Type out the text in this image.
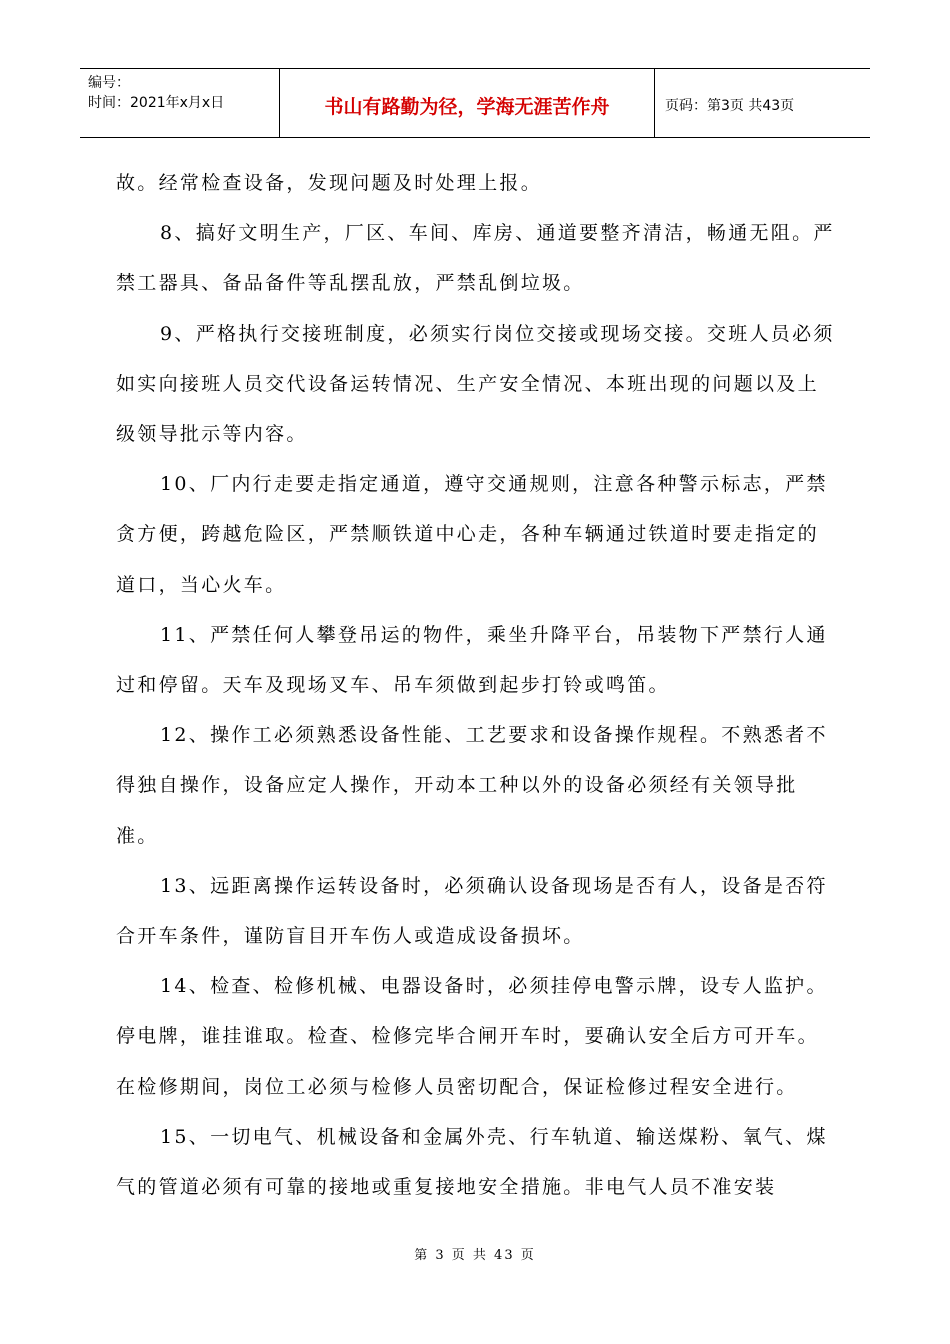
编号：
时间：2021年x月x日	书山有路勤为径，学海无涯苦作舟	页码：第3页 共43页

故。经常检查设备，发现问题及时处理上报。

8、搞好文明生产，厂区、车间、库房、通道要整齐清洁，畅通无阻。严禁工器具、备品备件等乱摆乱放，严禁乱倒垃圾。

9、严格执行交接班制度，必须实行岗位交接或现场交接。交班人员必须如实向接班人员交代设备运转情况、生产安全情况、本班出现的问题以及上级领导批示等内容。

10、厂内行走要走指定通道，遵守交通规则，注意各种警示标志，严禁贪方便，跨越危险区，严禁顺铁道中心走，各种车辆通过铁道时要走指定的道口，当心火车。

11、严禁任何人攀登吊运的物件，乘坐升降平台，吊装物下严禁行人通过和停留。天车及现场叉车、吊车须做到起步打铃或鸣笛。

12、操作工必须熟悉设备性能、工艺要求和设备操作规程。不熟悉者不得独自操作，设备应定人操作，开动本工种以外的设备必须经有关领导批准。

13、远距离操作运转设备时，必须确认设备现场是否有人，设备是否符合开车条件，谨防盲目开车伤人或造成设备损坏。

14、检查、检修机械、电器设备时，必须挂停电警示牌，设专人监护。停电牌，谁挂谁取。检查、检修完毕合闸开车时，要确认安全后方可开车。在检修期间，岗位工必须与检修人员密切配合，保证检修过程安全进行。

15、一切电气、机械设备和金属外壳、行车轨道、输送煤粉、氧气、煤气的管道必须有可靠的接地或重复接地安全措施。非电气人员不准安装

第 3 页 共 43 页
